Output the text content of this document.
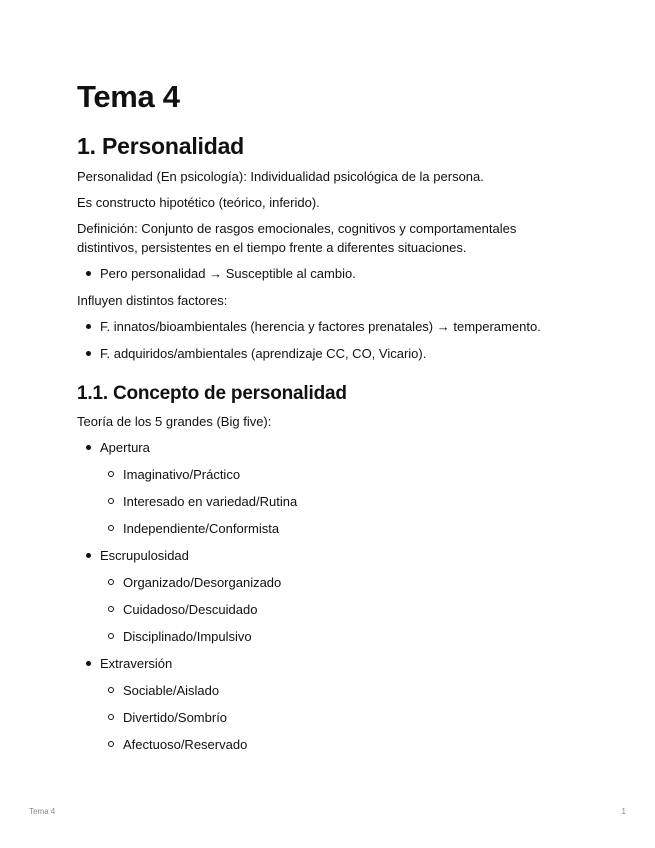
Tema 4
1. Personalidad

Personalidad (En psicología): Individualidad psicológica de la persona.

Es constructo hipotético (teórico, inferido).

Definición: Conjunto de rasgos emocionales, cognitivos y comportamentales distintivos, persistentes en el tiempo frente a diferentes situaciones.

Pero personalidad → Susceptible al cambio.

Influyen distintos factores:

F. innatos/bioambientales (herencia y factores prenatales) → temperamento.
F. adquiridos/ambientales (aprendizaje CC, CO, Vicario).
1.1. Concepto de personalidad

Teoría de los 5 grandes (Big five):

Apertura
Imaginativo/Práctico
Interesado en variedad/Rutina
Independiente/Conformista
Escrupulosidad
Organizado/Desorganizado
Cuidadoso/Descuidado
Disciplinado/Impulsivo
Extraversión
Sociable/Aislado
Divertido/Sombrío
Afectuoso/Reservado
Tema 4	1
